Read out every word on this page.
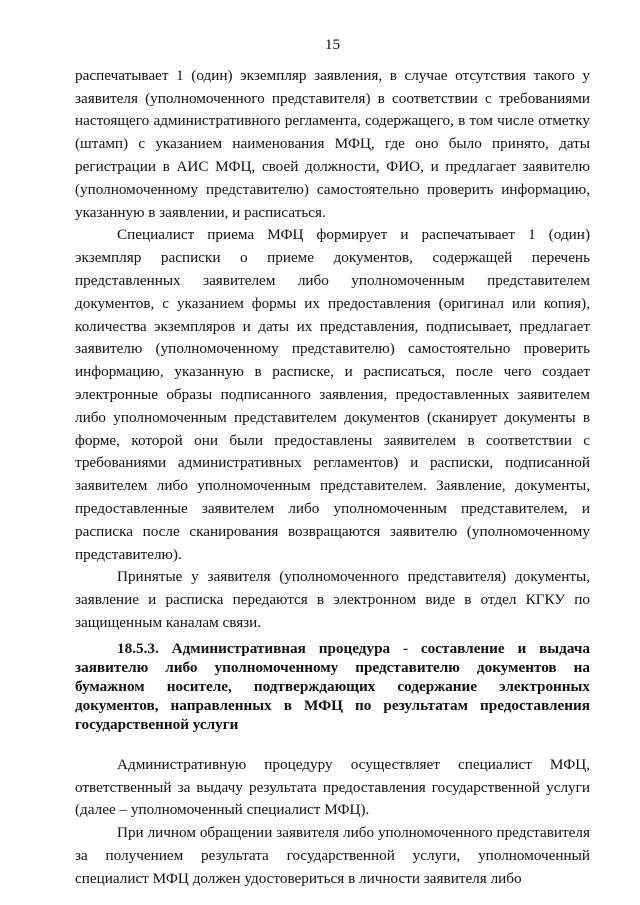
15

распечатывает 1 (один) экземпляр заявления, в случае отсутствия такого у заявителя (уполномоченного представителя) в соответствии с требованиями настоящего административного регламента, содержащего, в том числе отметку (штамп) с указанием наименования МФЦ, где оно было принято, даты регистрации в АИС МФЦ, своей должности, ФИО, и предлагает заявителю (уполномоченному представителю) самостоятельно проверить информацию, указанную в заявлении, и расписаться.

Специалист приема МФЦ формирует и распечатывает 1 (один) экземпляр расписки о приеме документов, содержащей перечень представленных заявителем либо уполномоченным представителем документов, с указанием формы их предоставления (оригинал или копия), количества экземпляров и даты их представления, подписывает, предлагает заявителю (уполномоченному представителю) самостоятельно проверить информацию, указанную в расписке, и расписаться, после чего создает электронные образы подписанного заявления, предоставленных заявителем либо уполномоченным представителем документов (сканирует документы в форме, которой они были предоставлены заявителем в соответствии с требованиями административных регламентов) и расписки, подписанной заявителем либо уполномоченным представителем. Заявление, документы, предоставленные заявителем либо уполномоченным представителем, и расписка после сканирования возвращаются заявителю (уполномоченному представителю).

Принятые у заявителя (уполномоченного представителя) документы, заявление и расписка передаются в электронном виде в отдел КГКУ по защищенным каналам связи.

18.5.3. Административная процедура - составление и выдача заявителю либо уполномоченному представителю документов на бумажном носителе, подтверждающих содержание электронных документов, направленных в МФЦ по результатам предоставления государственной услуги

Административную процедуру осуществляет специалист МФЦ, ответственный за выдачу результата предоставления государственной услуги (далее – уполномоченный специалист МФЦ).

При личном обращении заявителя либо уполномоченного представителя за получением результата государственной услуги, уполномоченный специалист МФЦ должен удостовериться в личности заявителя либо
